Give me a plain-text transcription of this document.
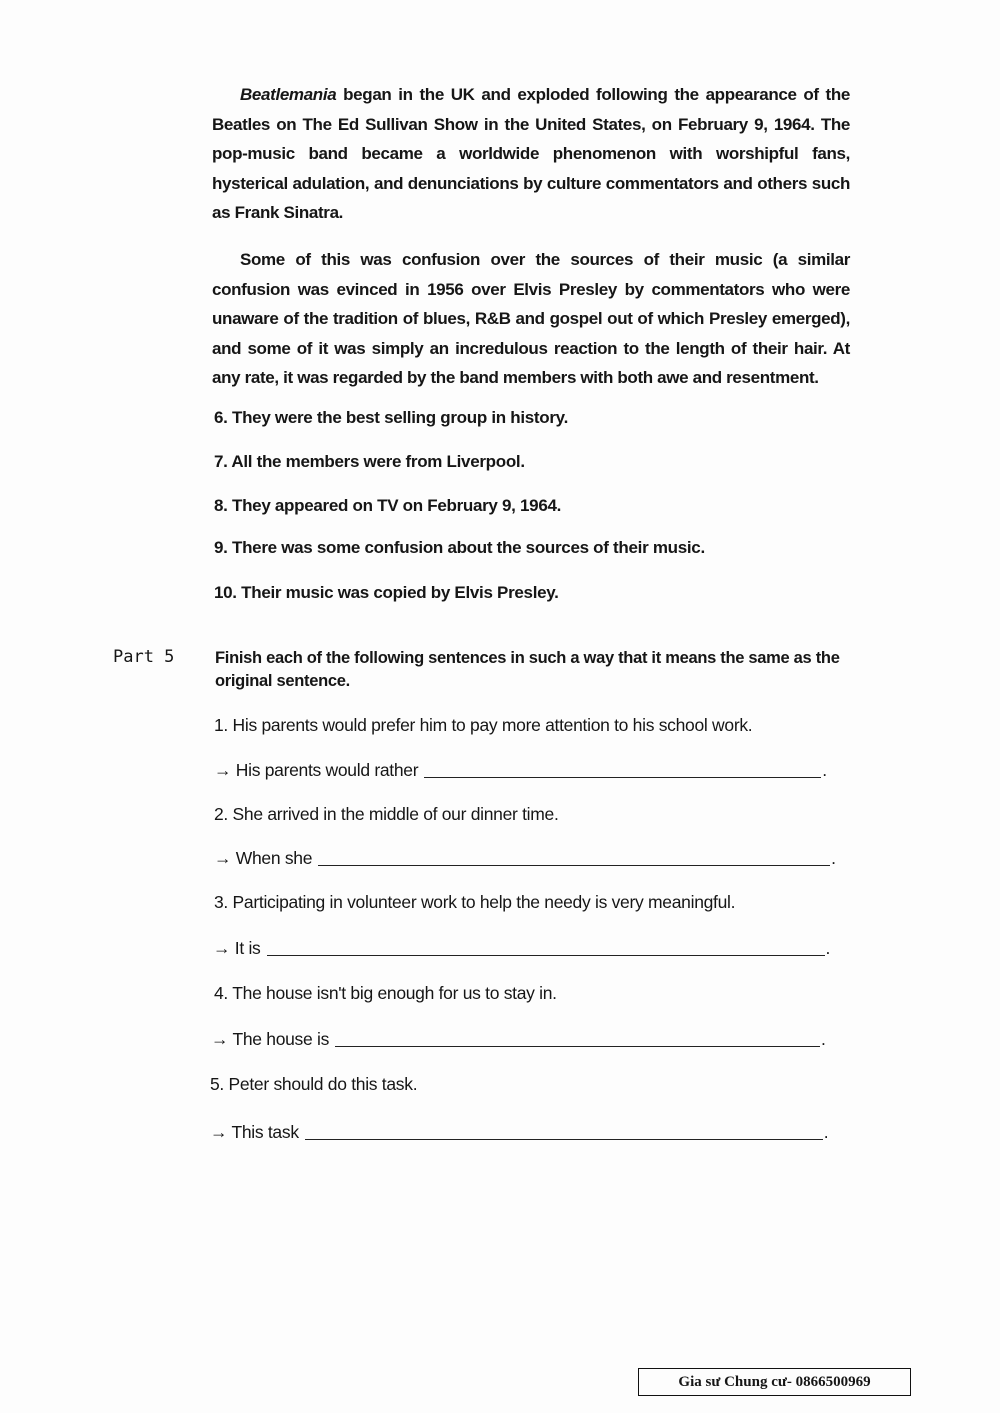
Beatlemania began in the UK and exploded following the appearance of the Beatles on The Ed Sullivan Show in the United States, on February 9, 1964. The pop-music band became a worldwide phenomenon with worshipful fans, hysterical adulation, and denunciations by culture commentators and others such as Frank Sinatra.
Some of this was confusion over the sources of their music (a similar confusion was evinced in 1956 over Elvis Presley by commentators who were unaware of the tradition of blues, R&B and gospel out of which Presley emerged), and some of it was simply an incredulous reaction to the length of their hair. At any rate, it was regarded by the band members with both awe and resentment.
6. They were the best selling group in history.
7. All the members were from Liverpool.
8. They appeared on TV on February 9, 1964.
9. There was some confusion about the sources of their music.
10. Their music was copied by Elvis Presley.
Part 5 Finish each of the following sentences in such a way that it means the same as the original sentence.
1. His parents would prefer him to pay more attention to his school work.
→ His parents would rather	.
2. She arrived in the middle of our dinner time.
→ When she	.
3. Participating in volunteer work to help the needy is very meaningful.
→ It is	.
4. The house isn't big enough for us to stay in.
→ The house is	.
5. Peter should do this task.
→ This task	.
Gia sư Chung cư- 0866500969
